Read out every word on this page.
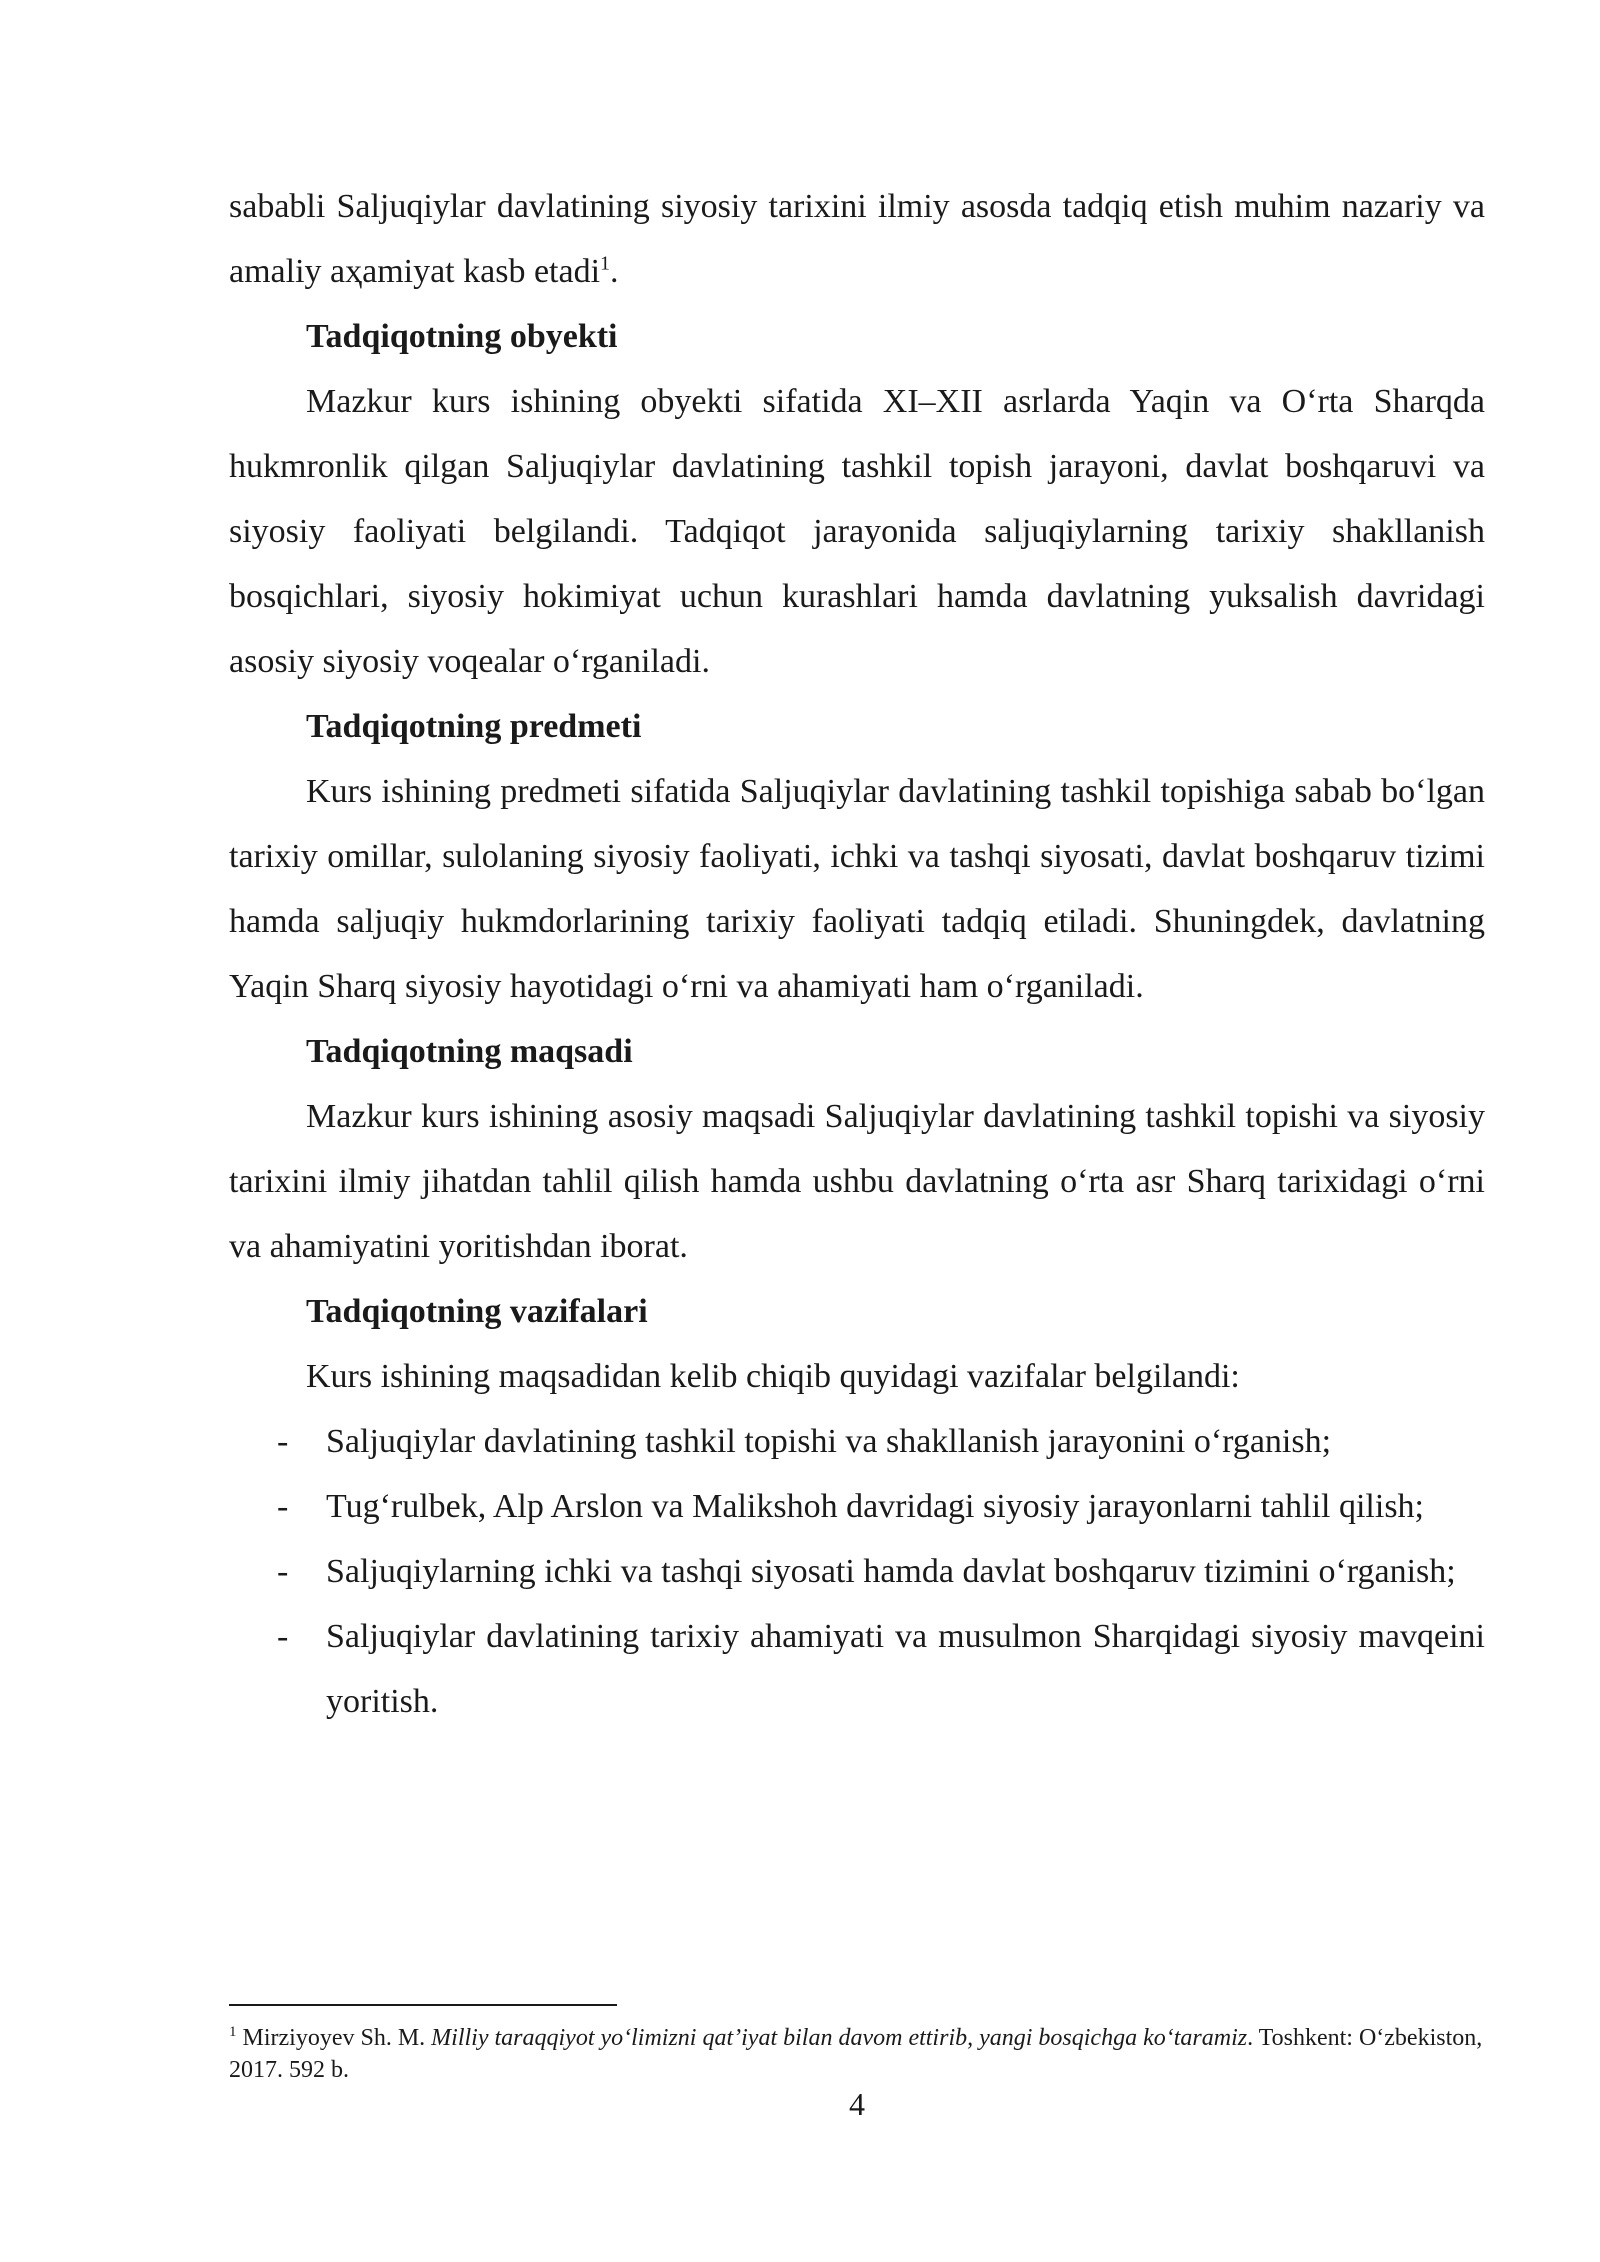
sababli Saljuqiylar davlatining siyosiy tarixini ilmiy asosda tadqiq etish muhim nazariy va amaliy aҳamiyat kasb etadi$^1$.

Tadqiqotning obyekti

Mazkur kurs ishining obyekti sifatida XI–XII asrlarda Yaqin va O‘rta Sharqda hukmronlik qilgan Saljuqiylar davlatining tashkil topish jarayoni, davlat boshqaruvi va siyosiy faoliyati belgilandi. Tadqiqot jarayonida saljuqiylarning tarixiy shakllanish bosqichlari, siyosiy hokimiyat uchun kurashlari hamda davlatning yuksalish davridagi asosiy siyosiy voqealar o‘rganiladi.

Tadqiqotning predmeti

Kurs ishining predmeti sifatida Saljuqiylar davlatining tashkil topishiga sabab bo‘lgan tarixiy omillar, sulolaning siyosiy faoliyati, ichki va tashqi siyosati, davlat boshqaruv tizimi hamda saljuqiy hukmdorlarining tarixiy faoliyati tadqiq etiladi. Shuningdek, davlatning Yaqin Sharq siyosiy hayotidagi o‘rni va ahamiyati ham o‘rganiladi.

Tadqiqotning maqsadi

Mazkur kurs ishining asosiy maqsadi Saljuqiylar davlatining tashkil topishi va siyosiy tarixini ilmiy jihatdan tahlil qilish hamda ushbu davlatning o‘rta asr Sharq tarixidagi o‘rni va ahamiyatini yoritishdan iborat.

Tadqiqotning vazifalari

Kurs ishining maqsadidan kelib chiqib quyidagi vazifalar belgilandi:

- Saljuqiylar davlatining tashkil topishi va shakllanish jarayonini o‘rganish;
- Tug‘rulbek, Alp Arslon va Malikshoh davridagi siyosiy jarayonlarni tahlil qilish;
- Saljuqiylarning ichki va tashqi siyosati hamda davlat boshqaruv tizimini o‘rganish;
- Saljuqiylar davlatining tarixiy ahamiyati va musulmon Sharqidagi siyosiy mavqeini yoritish.

$^1$ Mirziyoyev Sh. M. Milliy taraqqiyot yo‘limizni qat’iyat bilan davom ettirib, yangi bosqichga ko‘taramiz. Toshkent: O‘zbekiston, 2017. 592 b.

4
